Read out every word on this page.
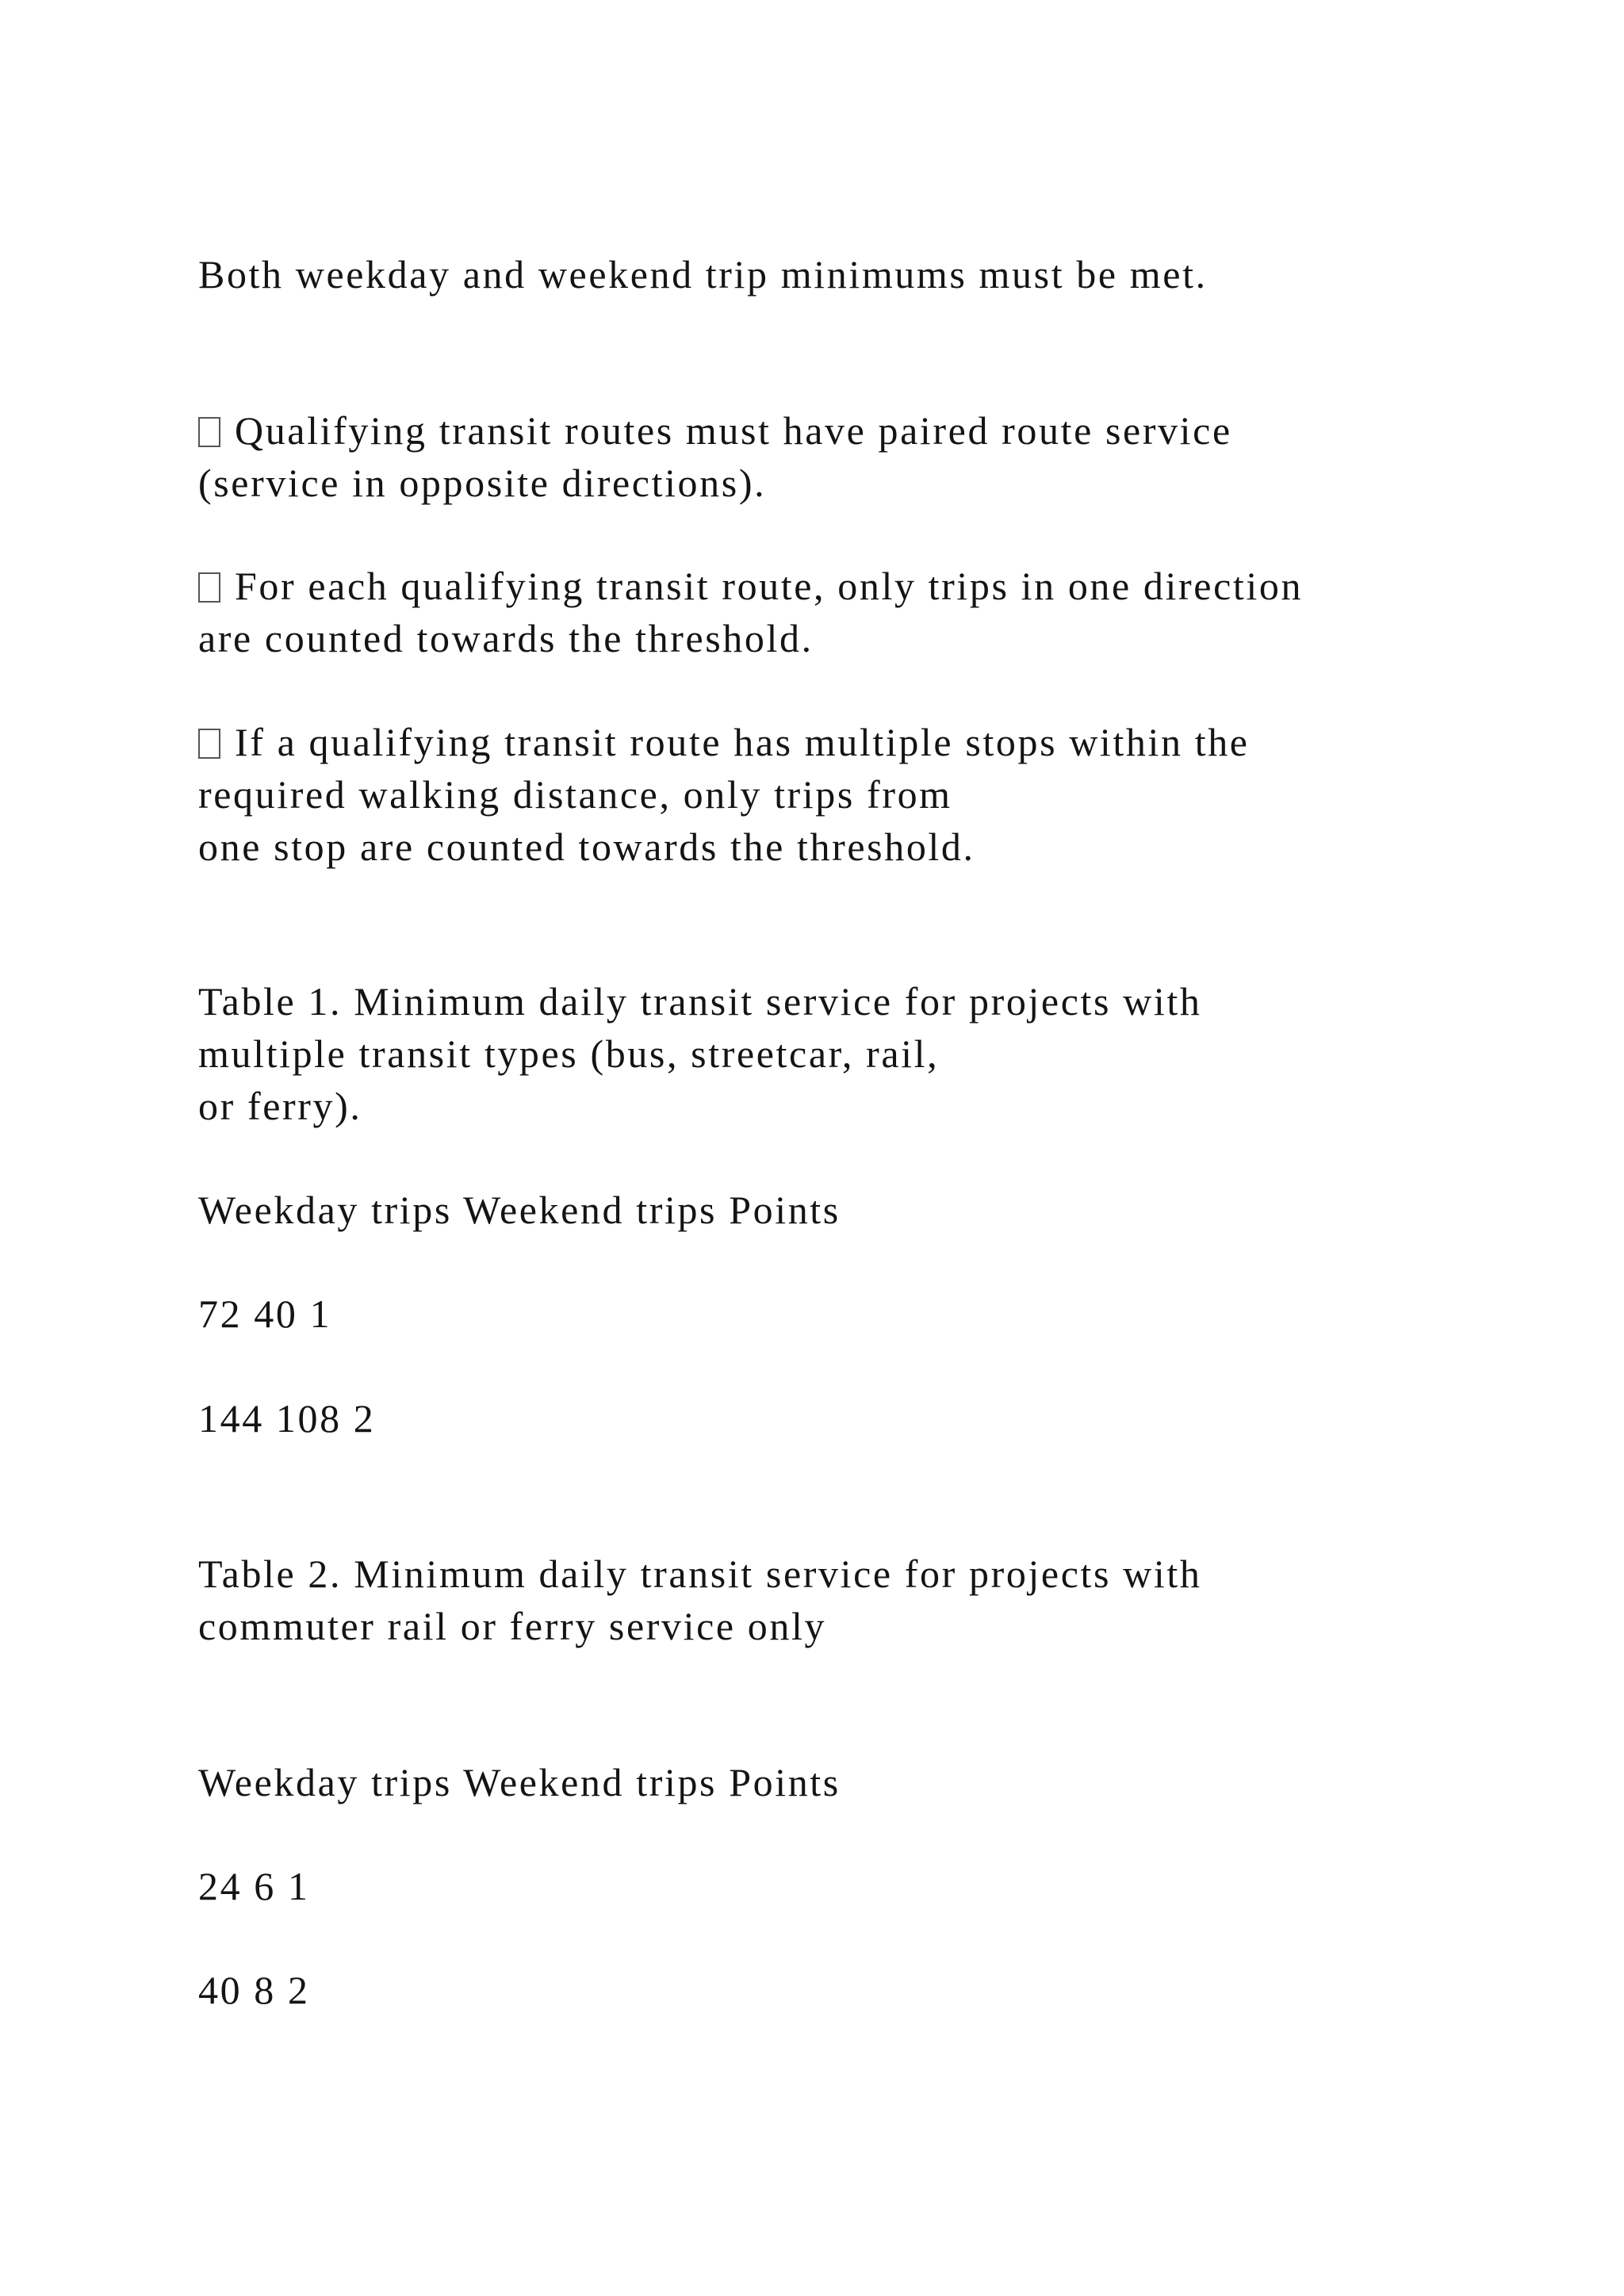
Both weekday and weekend trip minimums must be met.

Qualifying transit routes must have paired route service

(service in opposite directions).

For each qualifying transit route, only trips in one direction

are counted towards the threshold.

If a qualifying transit route has multiple stops within the

required walking distance, only trips from

one stop are counted towards the threshold.

Table 1. Minimum daily transit service for projects with

multiple transit types (bus, streetcar, rail,

or ferry).

Weekday trips Weekend trips Points

72 40 1

144 108 2

Table 2. Minimum daily transit service for projects with

commuter rail or ferry service only

Weekday trips Weekend trips Points

24 6 1

40 8 2
